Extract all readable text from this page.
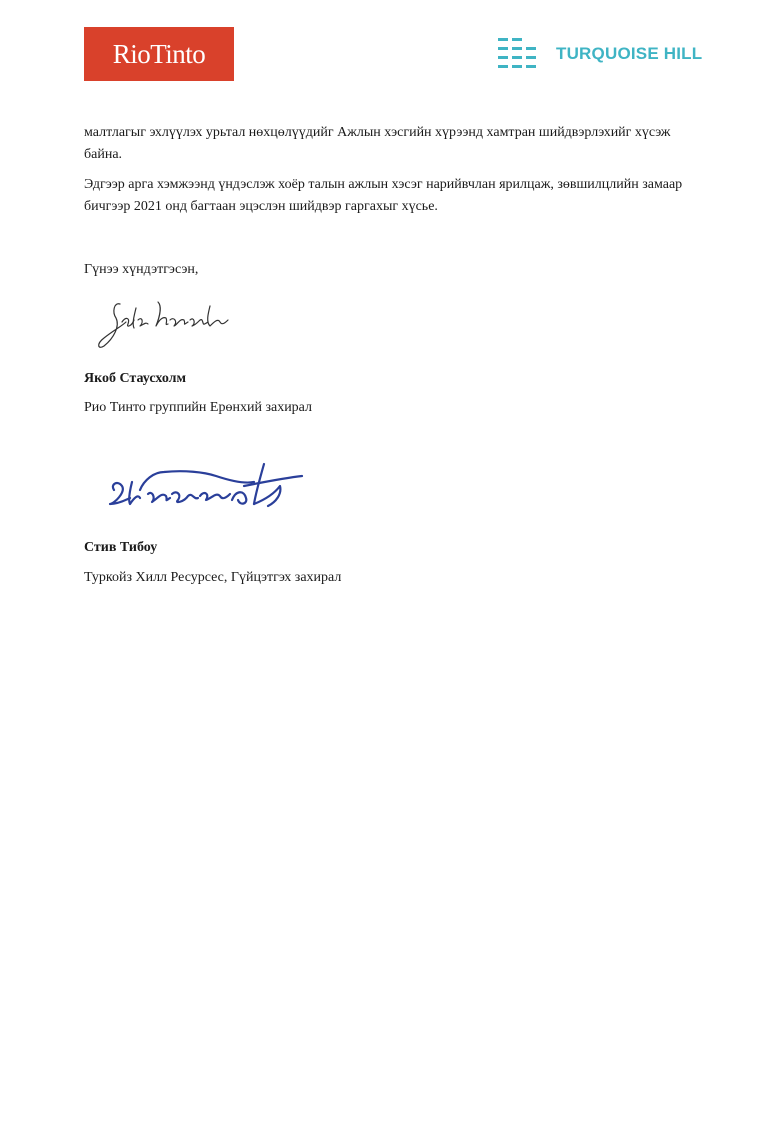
RioTinto	TURQUOISE HILL

малтлагыг эхлүүлэх урьтал нөхцөлүүдийг Ажлын хэсгийн хүрээнд хамтран шийдвэрлэхийг хүсэж байна.

Эдгээр арга хэмжээнд үндэслэж хоёр талын ажлын хэсэг нарийвчлан ярилцаж, зөвшилцлийн замаар бичгээр 2021 онд багтаан эцэслэн шийдвэр гаргахыг хүсье.

Гүнээ хүндэтгэсэн,
Якоб Стаусхолм
Рио Тинто группийн Ерөнхий захирал
Стив Тибоу
Туркойз Хилл Ресурсес, Гүйцэтгэх захирал
